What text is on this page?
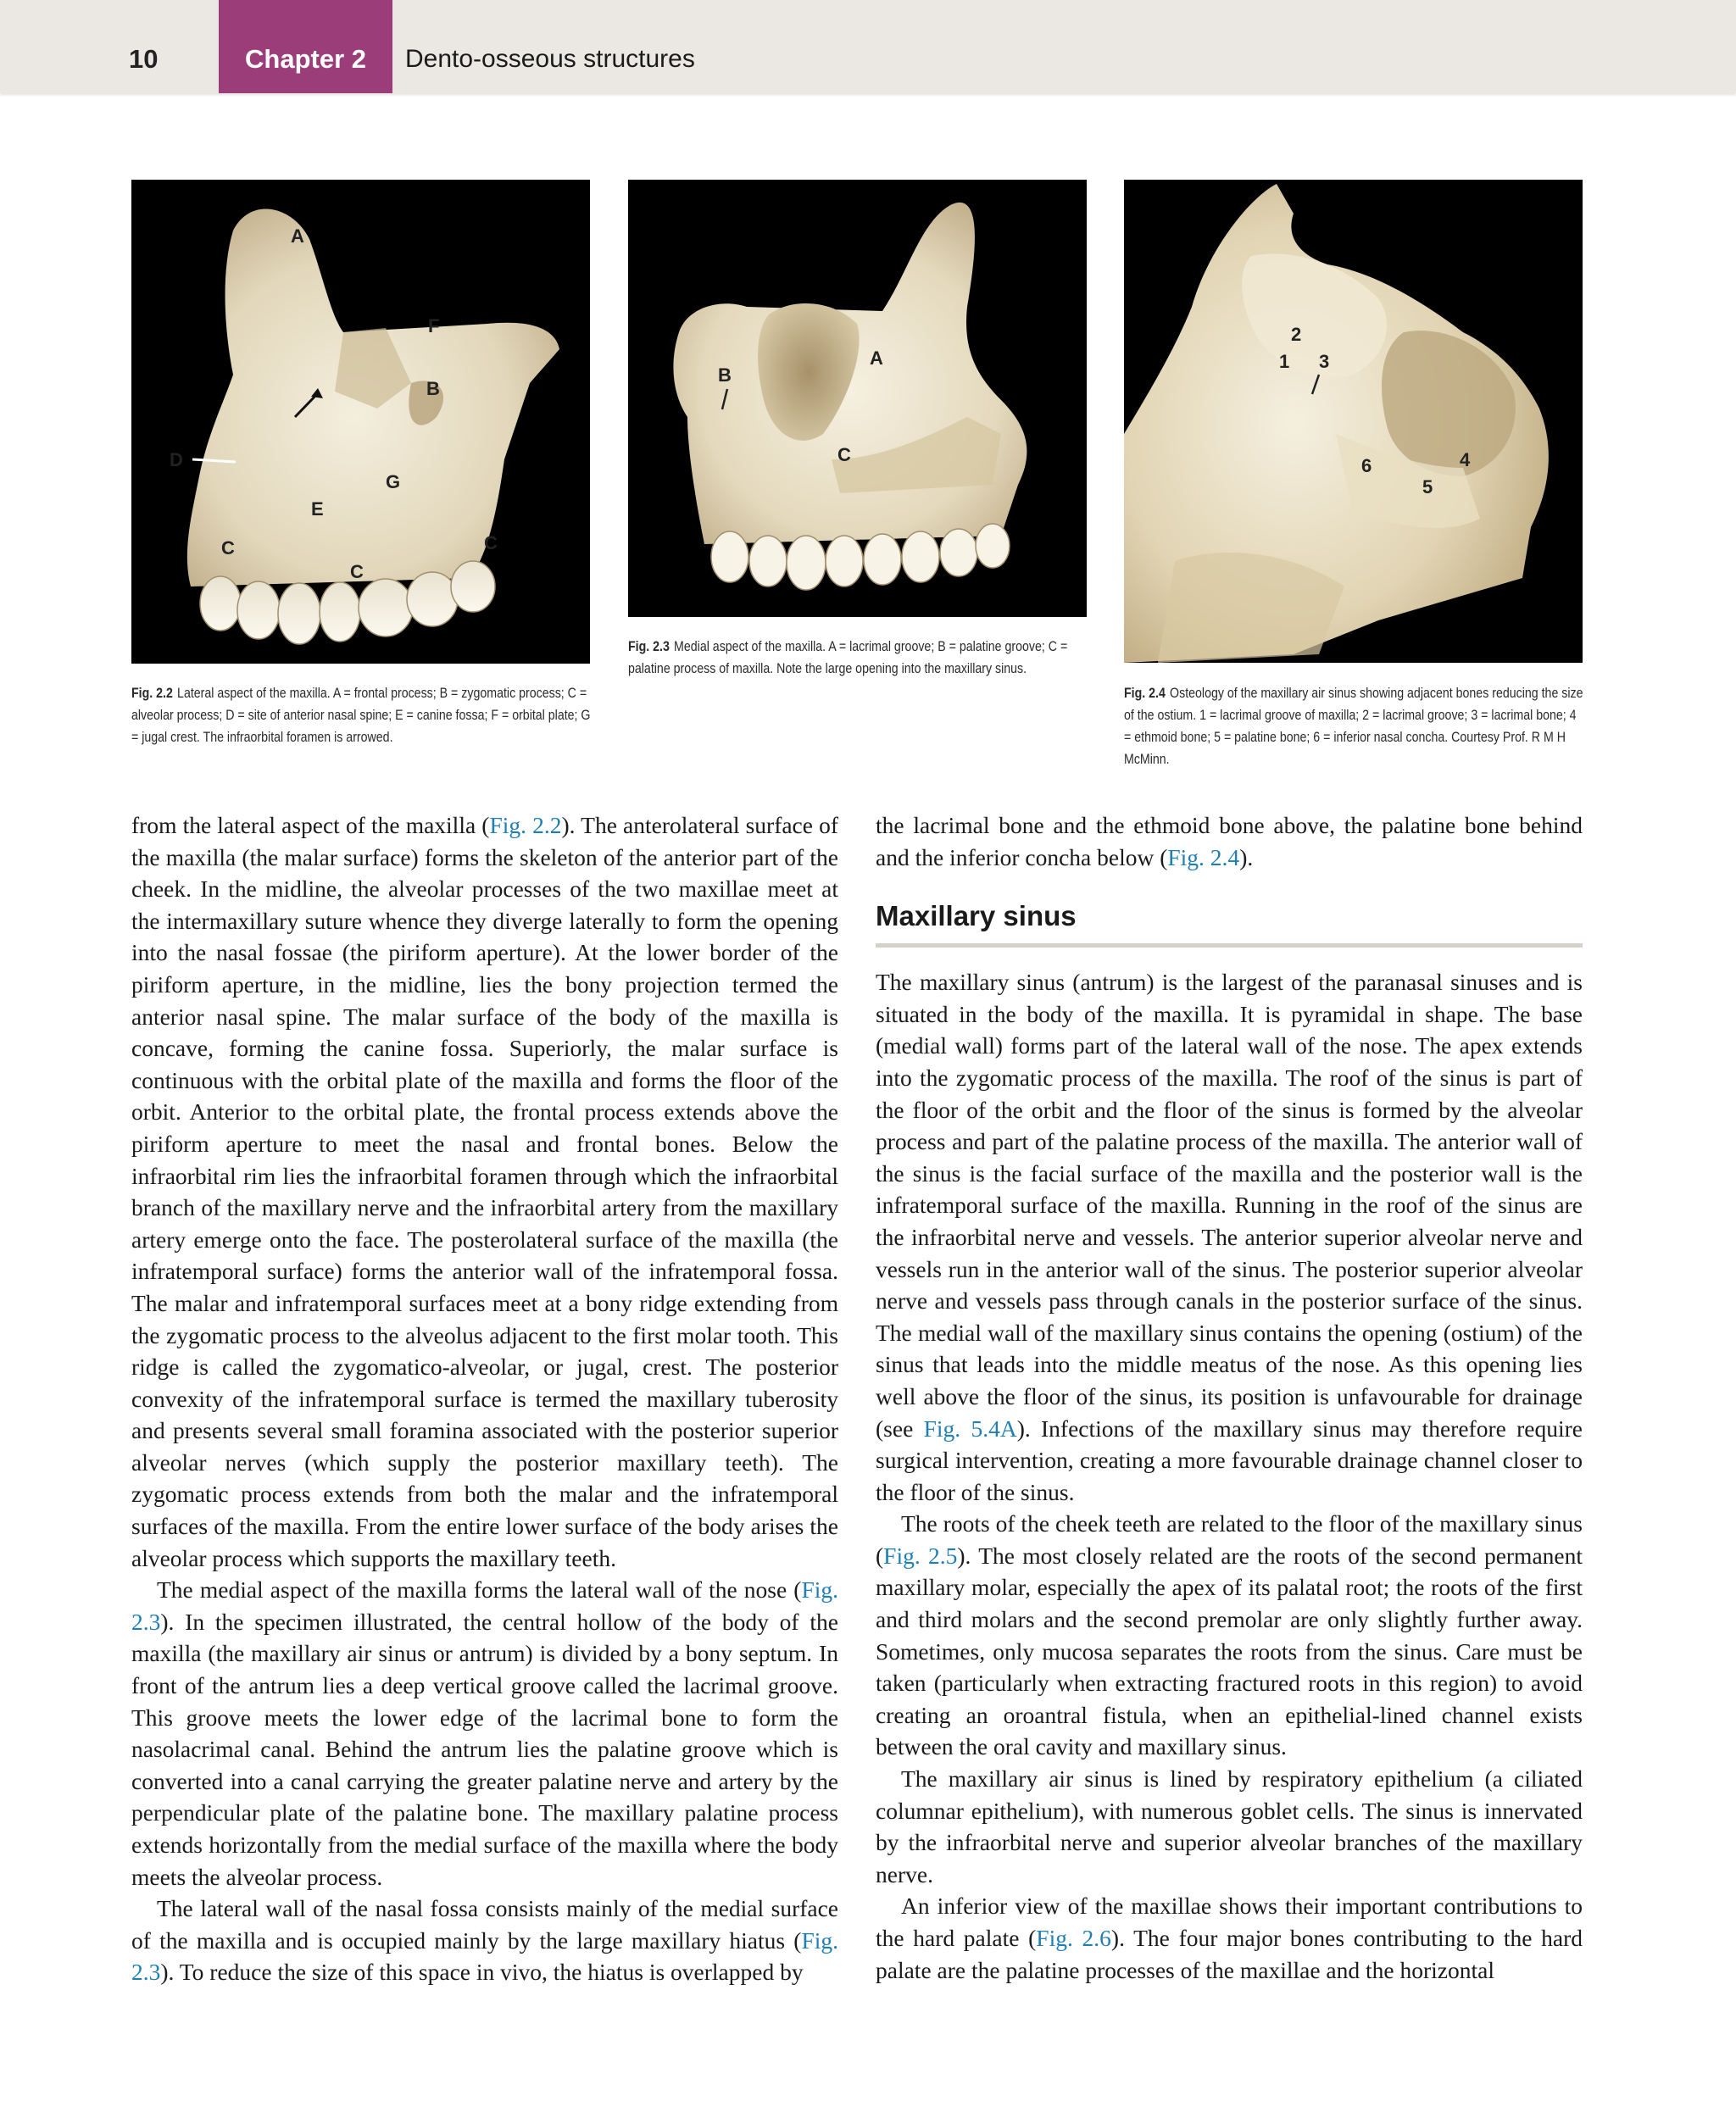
10	Chapter 2	Dento-osseous structures
A
F
B
D
G
E
C	C
C
Fig. 2.2 Lateral aspect of the maxilla. A = frontal process; B = zygomatic process; C = alveolar process; D = site of anterior nasal spine; E = canine fossa; F = orbital plate; G = jugal crest. The infraorbital foramen is arrowed.
A
B
C
Fig. 2.3 Medial aspect of the maxilla. A = lacrimal groove; B = palatine groove; C = palatine process of maxilla. Note the large opening into the maxillary sinus.
2
1 3
6	4
5
Fig. 2.4 Osteology of the maxillary air sinus showing adjacent bones reducing the size of the ostium. 1 = lacrimal groove of maxilla; 2 = lacrimal groove; 3 = lacrimal bone; 4 = ethmoid bone; 5 = palatine bone; 6 = inferior nasal concha. Courtesy Prof. R M H McMinn.

from the lateral aspect of the maxilla (Fig. 2.2). The anterolateral surface of the maxilla (the malar surface) forms the skeleton of the anterior part of the cheek. In the midline, the alveolar processes of the two maxillae meet at the intermaxillary suture whence they diverge laterally to form the opening into the nasal fossae (the piriform aperture). At the lower border of the piriform aperture, in the midline, lies the bony projection termed the anterior nasal spine. The malar surface of the body of the maxilla is concave, forming the canine fossa. Superiorly, the malar surface is continuous with the orbital plate of the maxilla and forms the floor of the orbit. Anterior to the orbital plate, the frontal process extends above the piriform aperture to meet the nasal and frontal bones. Below the infraorbital rim lies the infraorbital foramen through which the infraorbital branch of the maxillary nerve and the infraorbital artery from the maxillary artery emerge onto the face. The posterolateral surface of the maxilla (the infratemporal surface) forms the anterior wall of the infratemporal fossa. The malar and infratemporal surfaces meet at a bony ridge extending from the zygomatic process to the alveolus adjacent to the first molar tooth. This ridge is called the zygomatico-alveolar, or jugal, crest. The posterior convexity of the infratemporal surface is termed the maxillary tuberosity and presents several small foramina associated with the posterior superior alveolar nerves (which supply the posterior maxillary teeth). The zygomatic process extends from both the malar and the infratemporal surfaces of the maxilla. From the entire lower surface of the body arises the alveolar process which supports the maxillary teeth.

The medial aspect of the maxilla forms the lateral wall of the nose (Fig. 2.3). In the specimen illustrated, the central hollow of the body of the maxilla (the maxillary air sinus or antrum) is divided by a bony septum. In front of the antrum lies a deep vertical groove called the lacrimal groove. This groove meets the lower edge of the lacrimal bone to form the nasolacrimal canal. Behind the antrum lies the palatine groove which is converted into a canal carrying the greater palatine nerve and artery by the perpendicular plate of the palatine bone. The maxillary palatine process extends horizontally from the medial surface of the maxilla where the body meets the alveolar process.

The lateral wall of the nasal fossa consists mainly of the medial surface of the maxilla and is occupied mainly by the large maxillary hiatus (Fig. 2.3). To reduce the size of this space in vivo, the hiatus is overlapped by

the lacrimal bone and the ethmoid bone above, the palatine bone behind and the inferior concha below (Fig. 2.4).

Maxillary sinus

The maxillary sinus (antrum) is the largest of the paranasal sinuses and is situated in the body of the maxilla. It is pyramidal in shape. The base (medial wall) forms part of the lateral wall of the nose. The apex extends into the zygomatic process of the maxilla. The roof of the sinus is part of the floor of the orbit and the floor of the sinus is formed by the alveolar process and part of the palatine process of the maxilla. The anterior wall of the sinus is the facial surface of the maxilla and the posterior wall is the infratemporal surface of the maxilla. Running in the roof of the sinus are the infraorbital nerve and vessels. The anterior superior alveolar nerve and vessels run in the anterior wall of the sinus. The posterior superior alveolar nerve and vessels pass through canals in the posterior surface of the sinus. The medial wall of the maxillary sinus contains the opening (ostium) of the sinus that leads into the middle meatus of the nose. As this opening lies well above the floor of the sinus, its position is unfavourable for drainage (see Fig. 5.4A). Infections of the maxillary sinus may therefore require surgical intervention, creating a more favourable drainage channel closer to the floor of the sinus.

The roots of the cheek teeth are related to the floor of the maxillary sinus (Fig. 2.5). The most closely related are the roots of the second permanent maxillary molar, especially the apex of its palatal root; the roots of the first and third molars and the second premolar are only slightly further away. Sometimes, only mucosa separates the roots from the sinus. Care must be taken (particularly when extracting fractured roots in this region) to avoid creating an oroantral fistula, when an epithelial-lined channel exists between the oral cavity and maxillary sinus.

The maxillary air sinus is lined by respiratory epithelium (a ciliated columnar epithelium), with numerous goblet cells. The sinus is innervated by the infraorbital nerve and superior alveolar branches of the maxillary nerve.

An inferior view of the maxillae shows their important contributions to the hard palate (Fig. 2.6). The four major bones contributing to the hard palate are the palatine processes of the maxillae and the horizontal
